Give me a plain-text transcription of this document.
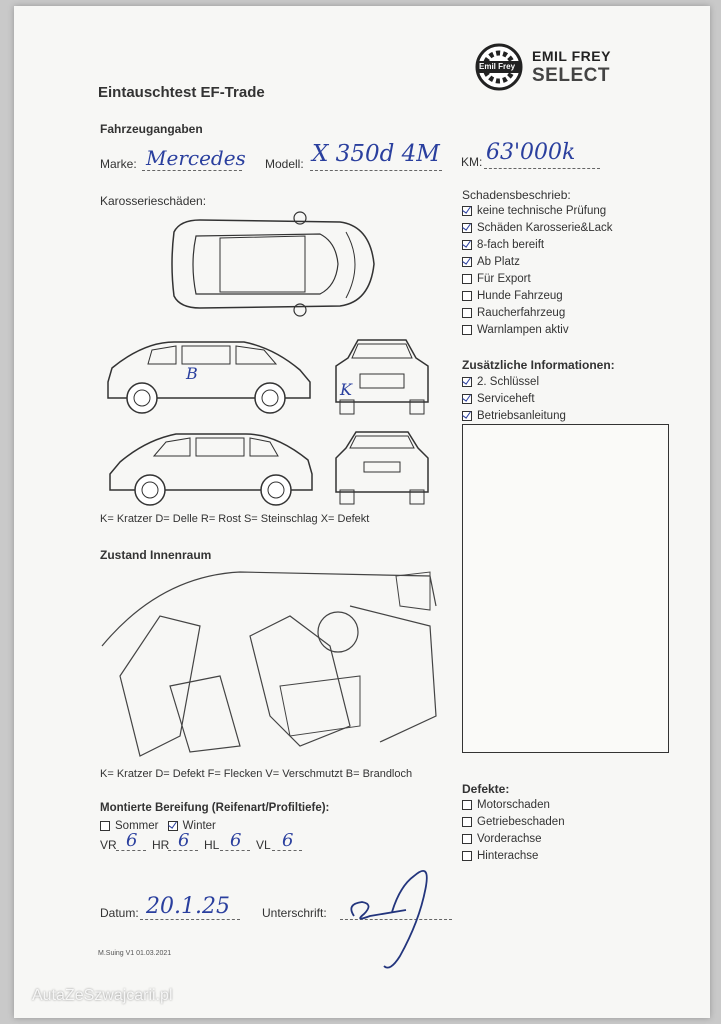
Emil Frey
EMIL FREY
SELECT
Eintauschtest EF-Trade
Fahrzeugangaben
Marke: Mercedes Modell: X 350d 4M KM: 63'000k
Karosserieschäden:
B
K
K= Kratzer D= Delle R= Rost S= Steinschlag X= Defekt
Zustand Innenraum
K= Kratzer D= Defekt F= Flecken V= Verschmutzt B= Brandloch
Schadensbeschrieb:
keine technische Prüfung
Schäden Karosserie&Lack
8-fach bereift
Ab Platz
Für Export
Hunde Fahrzeug
Raucherfahrzeug
Warnlampen aktiv
Zusätzliche Informationen:
2. Schlüssel
Serviceheft
Betriebsanleitung
Montierte Bereifung (Reifenart/Profiltiefe):
Sommer Winter
VR 6 HR 6 HL 6 VL 6
Defekte:
Motorschaden
Getriebeschaden
Vorderachse
Hinterachse
Datum: 20.1.25	Unterschrift:
M.Suing V1 01.03.2021
AutaZeSzwajcarii.pl
